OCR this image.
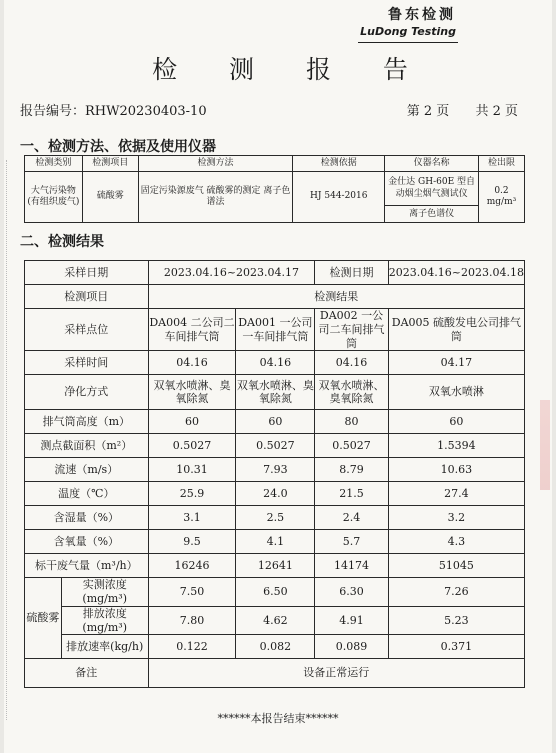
鲁东检测
LuDong Testing
检 测 报 告
报告编号：RHW20230403-10	第 2 页 共 2 页
一、检测方法、依据及使用仪器
检测类别	检测项目	检测方法	检测依据	仪器名称	检出限
大气污染物(有组织废气)	硫酸雾	固定污染源废气 硫酸雾的测定 离子色谱法	HJ 544-2016	金仕达 GH-60E 型自动烟尘烟气测试仪	0.2 mg/m³
				离子色谱仪	
二、检测结果
采样日期		2023.04.16~2023.04.17		检测日期	2023.04.16~2023.04.18
检测项目		检测结果			
采样点位		DA004 二公司二车间排气筒	DA001 一公司一车间排气筒	DA002 一公司二车间排气筒	DA005 硫酸发电公司排气筒
采样时间		04.16	04.16	04.16	04.17
净化方式		双氧水喷淋、臭氧除氮	双氧水喷淋、臭氧除氮	双氧水喷淋、臭氧除氮	双氧水喷淋
排气筒高度（m）		60	60	80	60
测点截面积（m²）		0.5027	0.5027	0.5027	1.5394
流速（m/s）		10.31	7.93	8.79	10.63
温度（℃）		25.9	24.0	21.5	27.4
含湿量（%）		3.1	2.5	2.4	3.2
含氧量（%）		9.5	4.1	5.7	4.3
标干废气量（m³/h）		16246	12641	14174	51045
硫酸雾	实测浓度(mg/m³)	7.50	6.50	6.30	7.26
	排放浓度(mg/m³)	7.80	4.62	4.91	5.23
	排放速率(kg/h)	0.122	0.082	0.089	0.371
备注		设备正常运行			
******本报告结束******
